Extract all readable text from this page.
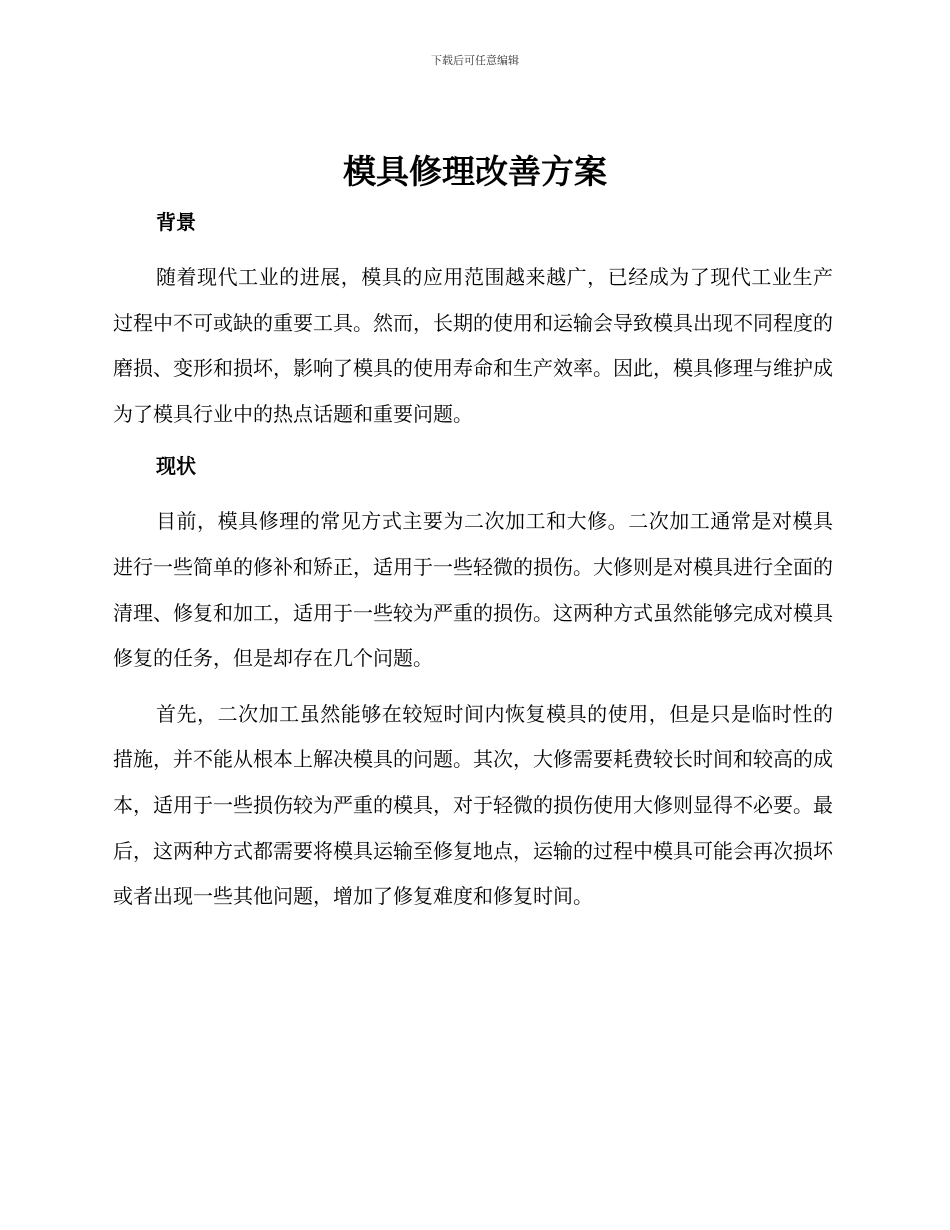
下载后可任意编辑
模具修理改善方案
背景

随着现代工业的进展，模具的应用范围越来越广，已经成为了现代工业生产过程中不可或缺的重要工具。然而，长期的使用和运输会导致模具出现不同程度的磨损、变形和损坏，影响了模具的使用寿命和生产效率。因此，模具修理与维护成为了模具行业中的热点话题和重要问题。

现状

目前，模具修理的常见方式主要为二次加工和大修。二次加工通常是对模具进行一些简单的修补和矫正，适用于一些轻微的损伤。大修则是对模具进行全面的清理、修复和加工，适用于一些较为严重的损伤。这两种方式虽然能够完成对模具修复的任务，但是却存在几个问题。

首先，二次加工虽然能够在较短时间内恢复模具的使用，但是只是临时性的措施，并不能从根本上解决模具的问题。其次，大修需要耗费较长时间和较高的成本，适用于一些损伤较为严重的模具，对于轻微的损伤使用大修则显得不必要。最后，这两种方式都需要将模具运输至修复地点，运输的过程中模具可能会再次损坏或者出现一些其他问题，增加了修复难度和修复时间。
